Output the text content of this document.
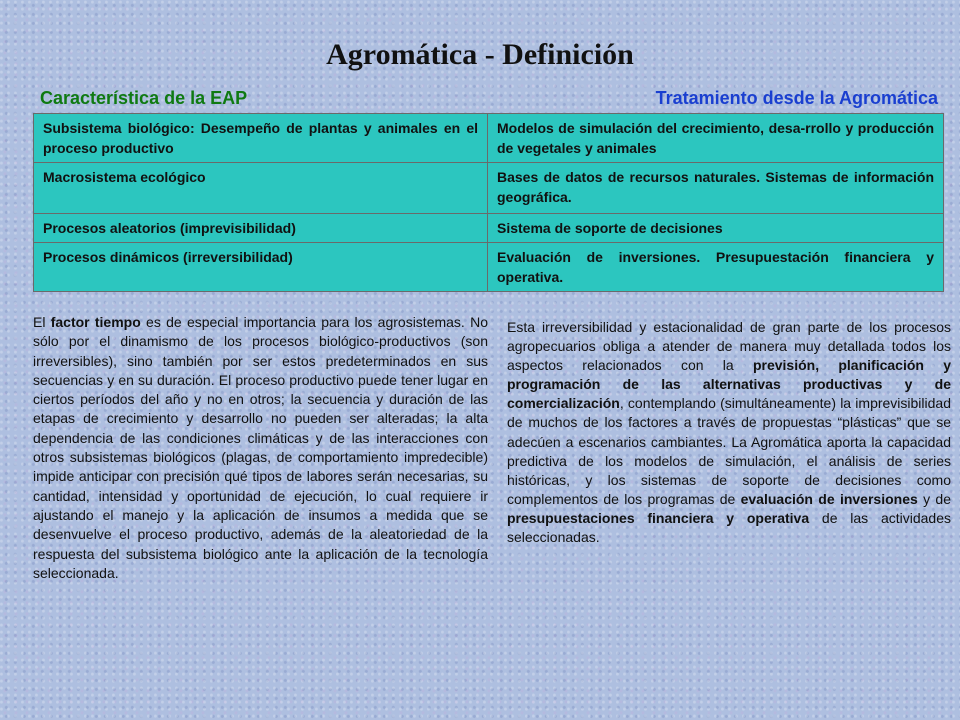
Agromática - Definición
Característica de la EAP	Tratamiento desde la Agromática
Subsistema biológico: Desempeño de plantas y animales en el proceso productivo	Modelos de simulación del crecimiento, desa-rrollo y producción de vegetales y animales
Macrosistema ecológico	Bases de datos de recursos naturales. Sistemas de información geográfica.
Procesos aleatorios (imprevisibilidad)	Sistema de soporte de decisiones
Procesos dinámicos (irreversibilidad)	Evaluación de inversiones. Presupuestación financiera y operativa.
El factor tiempo es de especial importancia para los agrosistemas. No sólo por el dinamismo de los procesos biológico-productivos (son irreversibles), sino también por ser estos predeterminados en sus secuencias y en su duración. El proceso productivo puede tener lugar en ciertos períodos del año y no en otros; la secuencia y duración de las etapas de crecimiento y desarrollo no pueden ser alteradas; la alta dependencia de las condiciones climáticas y de las interacciones con otros subsistemas biológicos (plagas, de comportamiento impredecible) impide anticipar con precisión qué tipos de labores serán necesarias, su cantidad, intensidad y oportunidad de ejecución, lo cual requiere ir ajustando el manejo y la aplicación de insumos a medida que se desenvuelve el proceso productivo, además de la aleatoriedad de la respuesta del subsistema biológico ante la aplicación de la tecnología seleccionada.
Esta irreversibilidad y estacionalidad de gran parte de los procesos agropecuarios obliga a atender de manera muy detallada todos los aspectos relacionados con la previsión, planificación y programación de las alternativas productivas y de comercialización, contemplando (simultáneamente) la imprevisibilidad de muchos de los factores a través de propuestas “plásticas” que se adecúen a escenarios cambiantes. La Agromática aporta la capacidad predictiva de los modelos de simulación, el análisis de series históricas, y los sistemas de soporte de decisiones como complementos de los programas de evaluación de inversiones y de presupuestaciones financiera y operativa de las actividades seleccionadas.
